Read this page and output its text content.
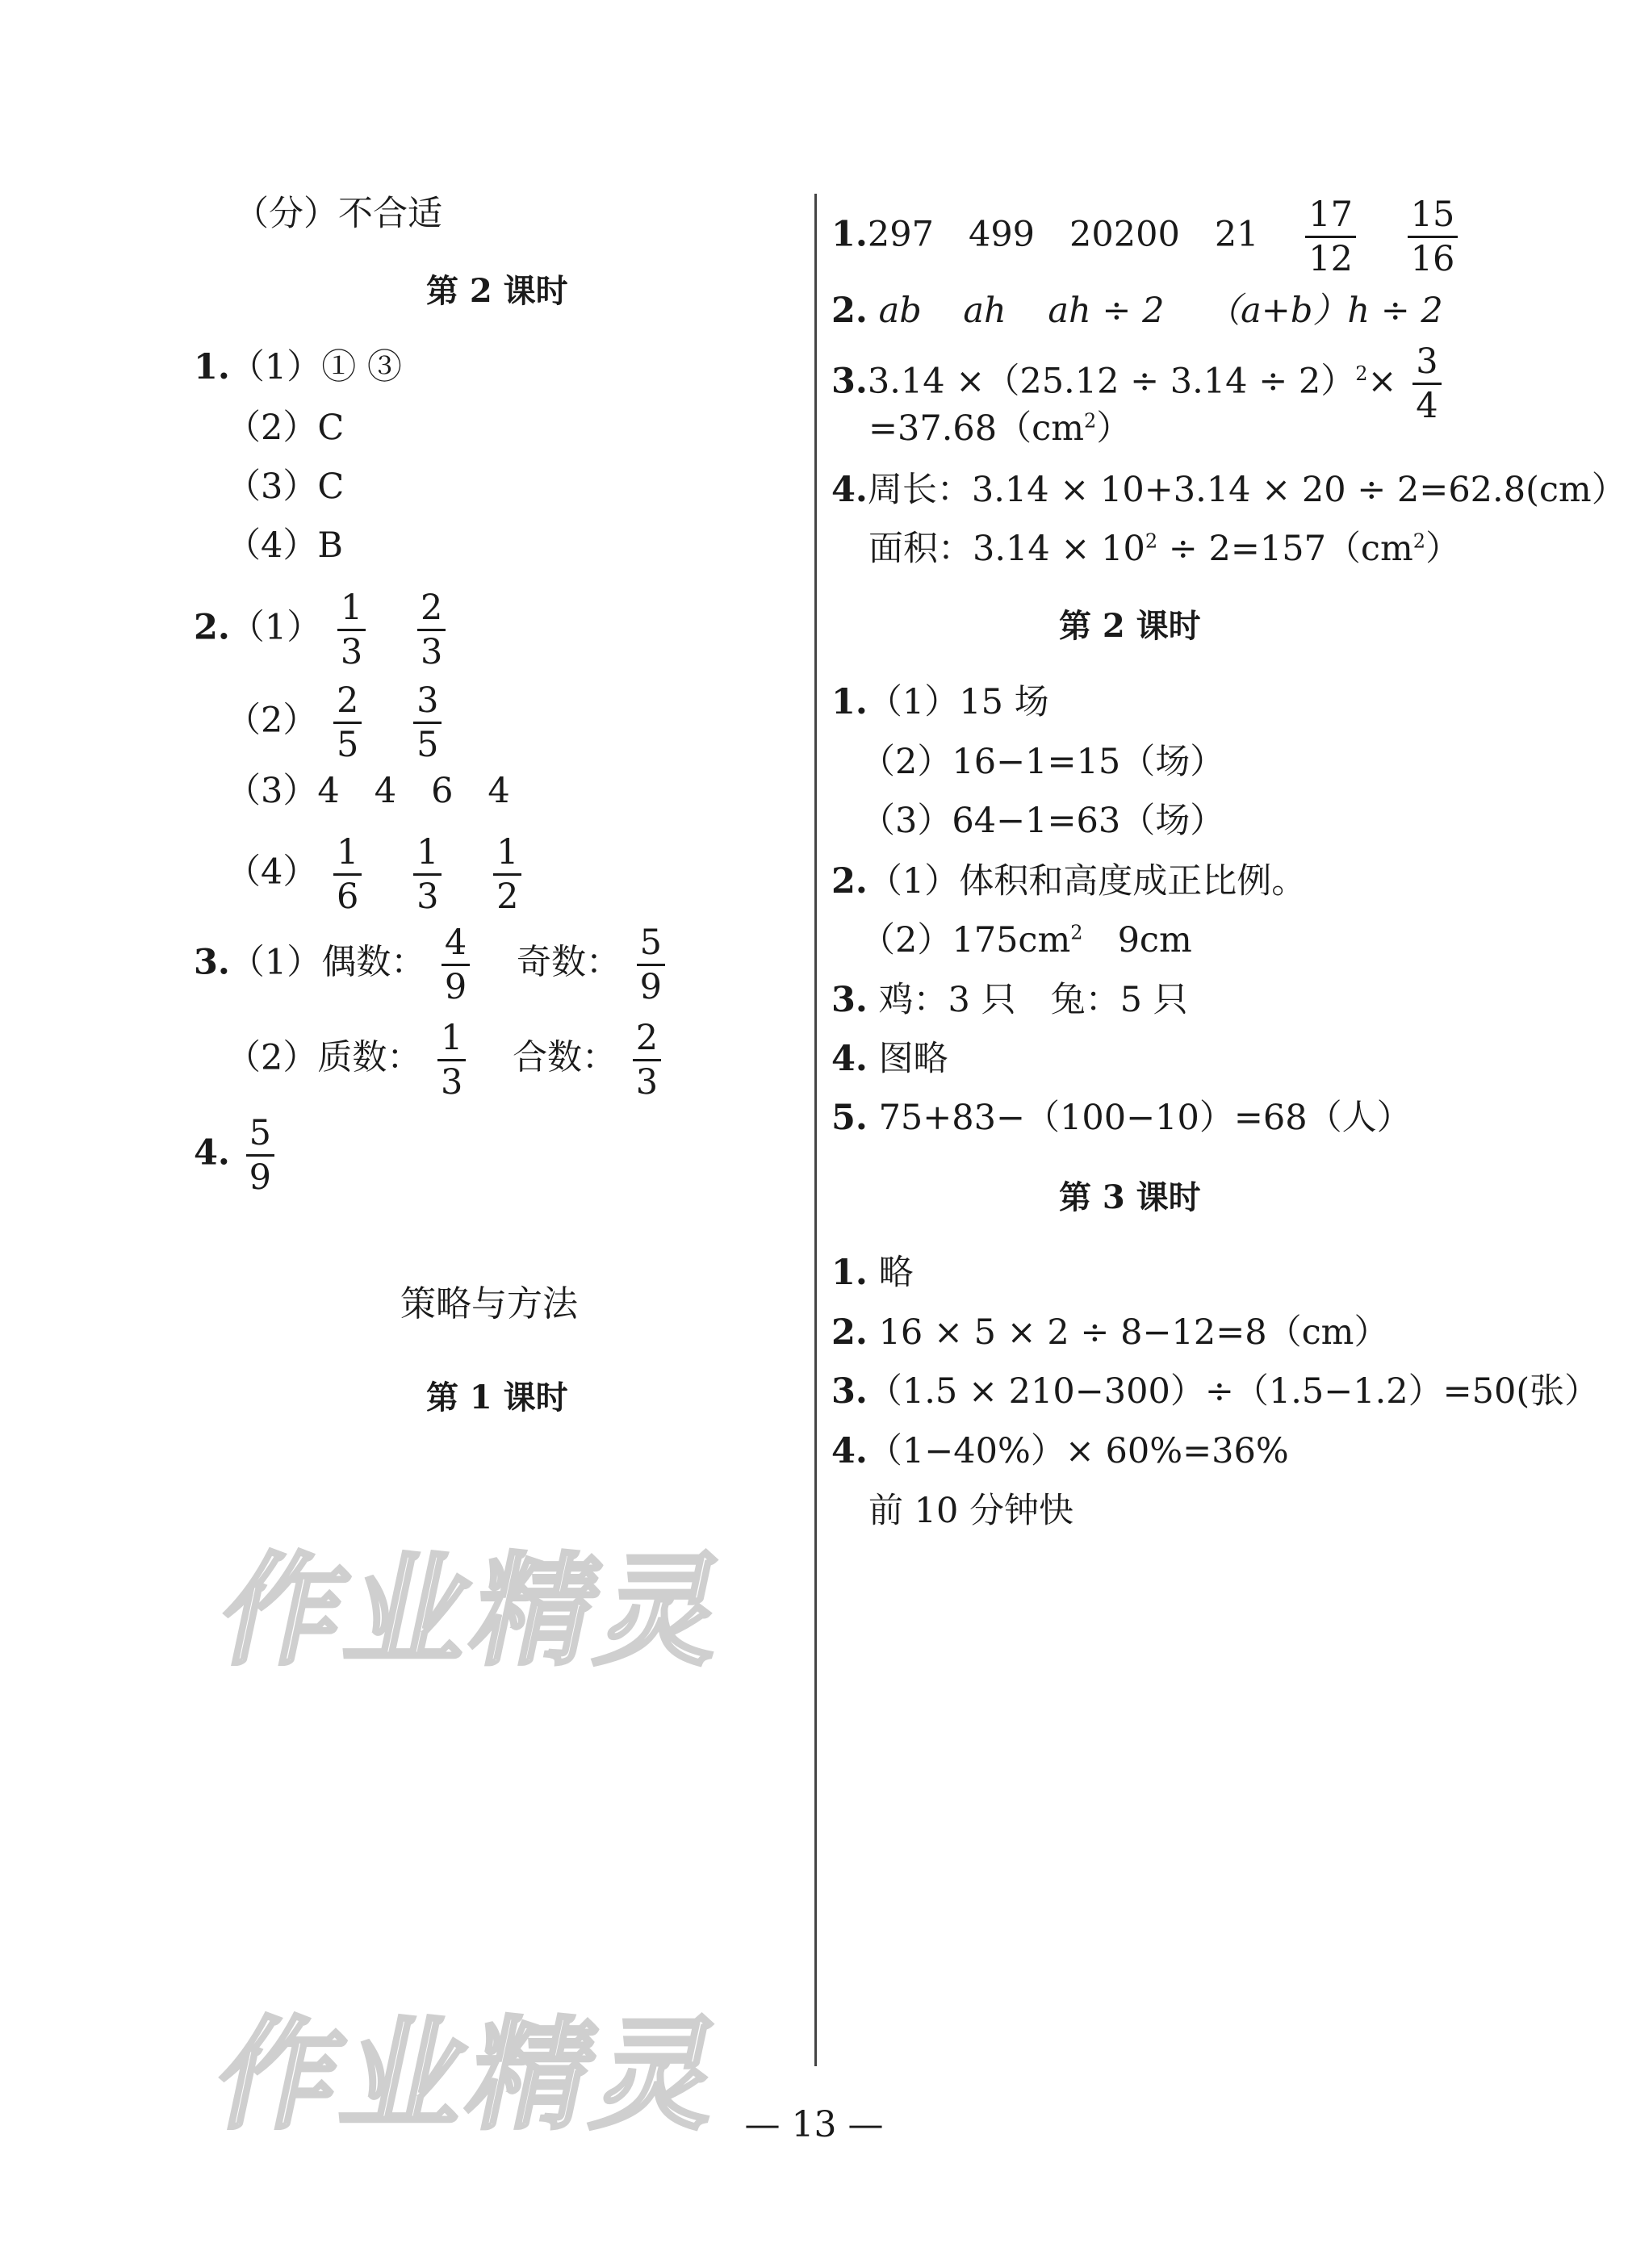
（分）不合适
第 2 课时
1.（1）① ③
（2）C
（3）C
（4）B
$2.(1) \frac{1}{3}$
$\frac{2}{3}$
$(2) \frac{2}{5}$
$\frac{3}{5}$
（3）4　4　6　4
$(4) \frac{1}{6}$
$\frac{1}{3}$
$\frac{1}{2}$
3.（1）偶数： $\frac{4}{9}$ 奇数： $\frac{5}{9}$
（2）质数： $\frac{1}{3}$ 合数： $\frac{2}{3}$
4. $\frac{5}{9}$
策略与方法
第 1 课时
作业精灵
作业精灵
1.297　499　20200　$21 \frac{17}{12}$
$\frac{15}{16}$
2. ab ah ah ÷ 2 （a+b）h ÷ 2
$3.3.14 \times(25.12 \div 3.14 \div 2)^2\times \frac{3}{4}$
$=37.68(cm^2)$
4.周长：3.14 × 10+3.14 × 20 ÷ 2=62.8(cm）
面积：$3.14 \times 10^2 \div 2=157(cm^2)$
第 2 课时
1.（1）15 场
（2）16−1=15（场）
（3）64−1=63（场）
2.（1）体积和高度成正比例。
$(2)175cm^2$　9cm
3. 鸡：3 只　兔：5 只
4. 图略
5. 75+83−（100−10）=68（人）
第 3 课时
1. 略
2. 16 × 5 × 2 ÷ 8−12=8（cm）
3.（1.5 × 210−300）÷（1.5−1.2）=50(张）
4.（1−40%）× 60%=36%
前 10 分钟快
— 13 —
